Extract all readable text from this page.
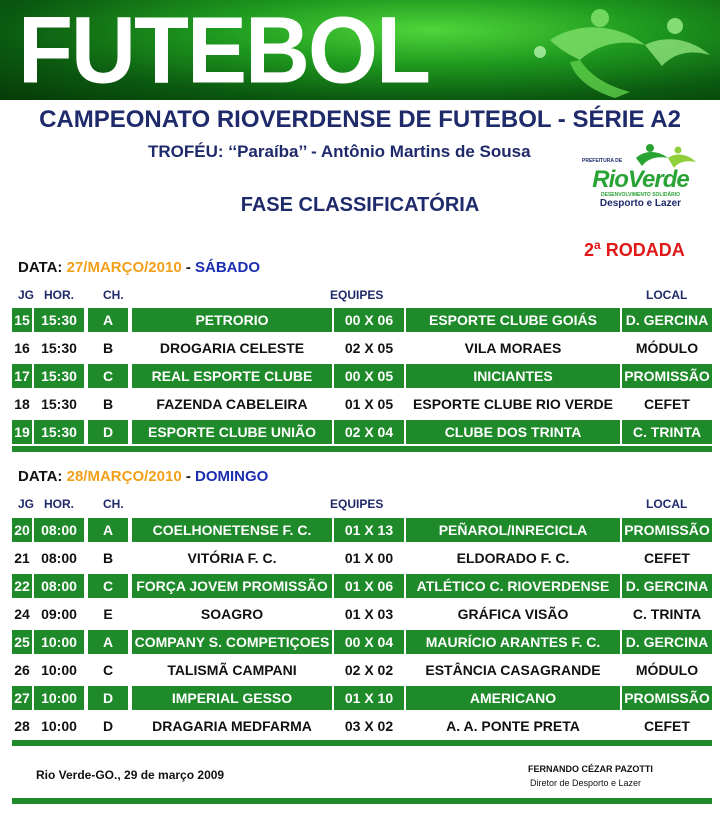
FUTEBOL
CAMPEONATO RIOVERDENSE DE FUTEBOL - SÉRIE A2
TROFÉU: ‘‘Paraíba’’ - Antônio Martins de Sousa	PREFEITURA DE
RioVerde
DESENVOLVIMENTO SOLIDÁRIO
Desporto e Lazer
FASE CLASSIFICATÓRIA
2$^a$ RODADA
DATA: 27/MARÇO/2010 - SÁBADO
JG HOR. CH.	EQUIPES	LOCAL
15 15:30	A	PETRORIO	00 X 06	ESPORTE CLUBE GOIÁS	D. GERCINA
16 15:30	B	DROGARIA CELESTE	02 X 05	VILA MORAES	MÓDULO
17 15:30	C	REAL ESPORTE CLUBE	00 X 05	INICIANTES	PROMISSÃO
18 15:30	B	FAZENDA CABELEIRA	01 X 05	ESPORTE CLUBE RIO VERDE	CEFET
19 15:30	D	ESPORTE CLUBE UNIÃO	02 X 04	CLUBE DOS TRINTA	C. TRINTA
DATA: 28/MARÇO/2010 - DOMINGO
JG HOR. CH.	EQUIPES	LOCAL
20 08:00	A	COELHONETENSE F. C.	01 X 13	PEÑAROL/INRECICLA	PROMISSÃO
21 08:00	B	VITÓRIA F. C.	01 X 00	ELDORADO F. C.	CEFET
22 08:00	C	FORÇA JOVEM PROMISSÃO	01 X 06	ATLÉTICO C. RIOVERDENSE	D. GERCINA
24 09:00	E	SOAGRO	01 X 03	GRÁFICA VISÃO	C. TRINTA
25 10:00	A	COMPANY S. COMPETIÇOES	00 X 04	MAURÍCIO ARANTES F. C.	D. GERCINA
26 10:00	C	TALISMÃ CAMPANI	02 X 02	ESTÂNCIA CASAGRANDE	MÓDULO
27 10:00	D	IMPERIAL GESSO	01 X 10	AMERICANO	PROMISSÃO
28 10:00	D	DRAGARIA MEDFARMA	03 X 02	A. A. PONTE PRETA	CEFET
Rio Verde-GO., 29 de março 2009	FERNANDO CÉZAR PAZOTTI
Diretor de Desporto e Lazer
